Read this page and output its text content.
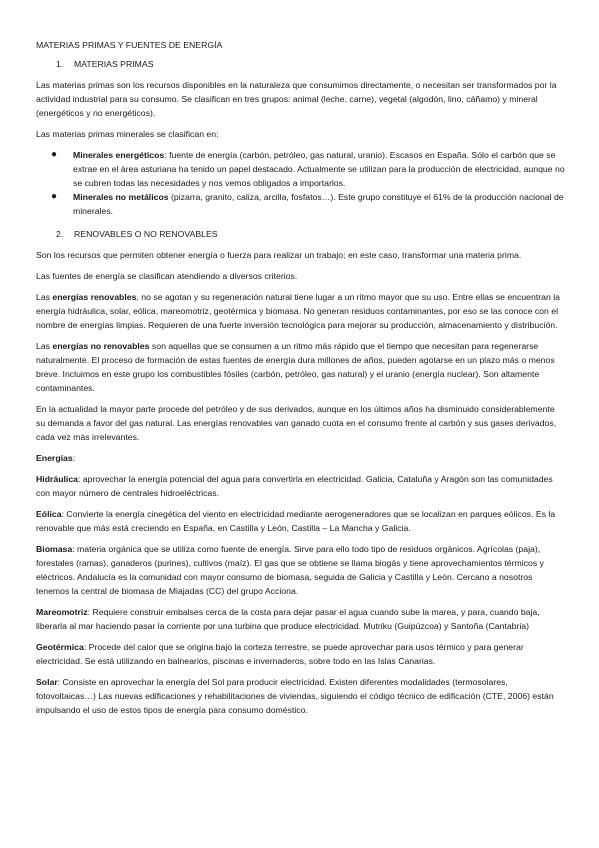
MATERIAS PRIMAS Y FUENTES DE ENERGÍA
1. MATERIAS PRIMAS

Las materias primas son los recursos disponibles en la naturaleza que consumimos directamente, o necesitan ser transformados por la actividad industrial para su consumo. Se clasifican en tres grupos: animal (leche, carne), vegetal (algodón, lino, cáñamo) y mineral (energéticos y no energéticos).

Las materias primas minerales se clasifican en:

● Minerales energéticos: fuente de energía (carbón, petróleo, gas natural, uranio). Escasos en España. Sólo el carbón que se extrae en el área asturiana ha tenido un papel destacado. Actualmente se utilizan para la producción de electricidad, aunque no se cubren todas las necesidades y nos vemos obligados a importarlos.
● Minerales no metálicos (pizarra, granito, caliza, arcilla, fosfatos…). Este grupo constituye el 61% de la producción nacional de minerales.
2. RENOVABLES O NO RENOVABLES

Son los recursos que permiten obtener energía o fuerza para realizar un trabajo; en este caso, transformar una materia prima.

Las fuentes de energía se clasifican atendiendo a diversos criterios.

Las energías renovables, no se agotan y su regeneración natural tiene lugar a un ritmo mayor que su uso. Entre ellas se encuentran la energía hidráulica, solar, eólica, mareomotriz, geotérmica y biomasa. No generan residuos contaminantes, por eso se las conoce con el nombre de energías limpias. Requieren de una fuerte inversión tecnológica para mejorar su producción, almacenamiento y distribución.

Las energías no renovables son aquellas que se consumen a un ritmo más rápido que el tiempo que necesitan para regenerarse naturalmente. El proceso de formación de estas fuentes de energía dura millones de años, pueden agotarse en un plazo más o menos breve. Incluimos en este grupo los combustibles fósiles (carbón, petróleo, gas natural) y el uranio (energía nuclear). Son altamente contaminantes.

En la actualidad la mayor parte procede del petróleo y de sus derivados, aunque en los últimos años ha disminuido considerablemente su demanda a favor del gas natural. Las energías renovables van ganado cuota en el consumo frente al carbón y sus gases derivados, cada vez más irrelevantes.

Energías:

Hidráulica: aprovechar la energía potencial del agua para convertirla en electricidad. Galicia, Cataluña y Aragón son las comunidades con mayor número de centrales hidroeléctricas.

Eólica: Convierte la energía cinegética del viento en electricidad mediante aerogeneradores que se localizan en parques eólicos. Es la renovable que más está creciendo en España, en Castilla y León, Castilla – La Mancha y Galicia.

Biomasa: materia orgánica que se utiliza como fuente de energía. Sirve para ello todo tipo de residuos orgánicos. Agrícolas (paja), forestales (ramas), ganaderos (purines), cultivos (maíz). El gas que se obtiene se llama biogás y tiene aprovechamientos térmicos y eléctricos. Andalucía es la comunidad con mayor consumo de biomasa, seguida de Galicia y Castilla y León. Cercano a nosotros tenemos la central de biomasa de Miajadas (CC) del grupo Acciona.

Mareomotriz: Requiere construir embalses cerca de la costa para dejar pasar el agua cuando sube la marea, y para, cuando baja, liberarla al mar haciendo pasar la corriente por una turbina que produce electricidad. Mutriku (Guipúzcoa) y Santoña (Cantabria)

Geotérmica: Procede del calor que se origina bajo la corteza terrestre, se puede aprovechar para usos térmico y para generar electricidad. Se está utilizando en balnearios, piscinas e invernaderos, sobre todo en las Islas Canarias.

Solar: Consiste en aprovechar la energía del Sol para producir electricidad. Existen diferentes modalidades (termosolares, fotovoltaicas…) Las nuevas edificaciones y rehabilitaciones de viviendas, siguiendo el código técnico de edificación (CTE, 2006) están impulsando el uso de estos tipos de energía para consumo doméstico.
